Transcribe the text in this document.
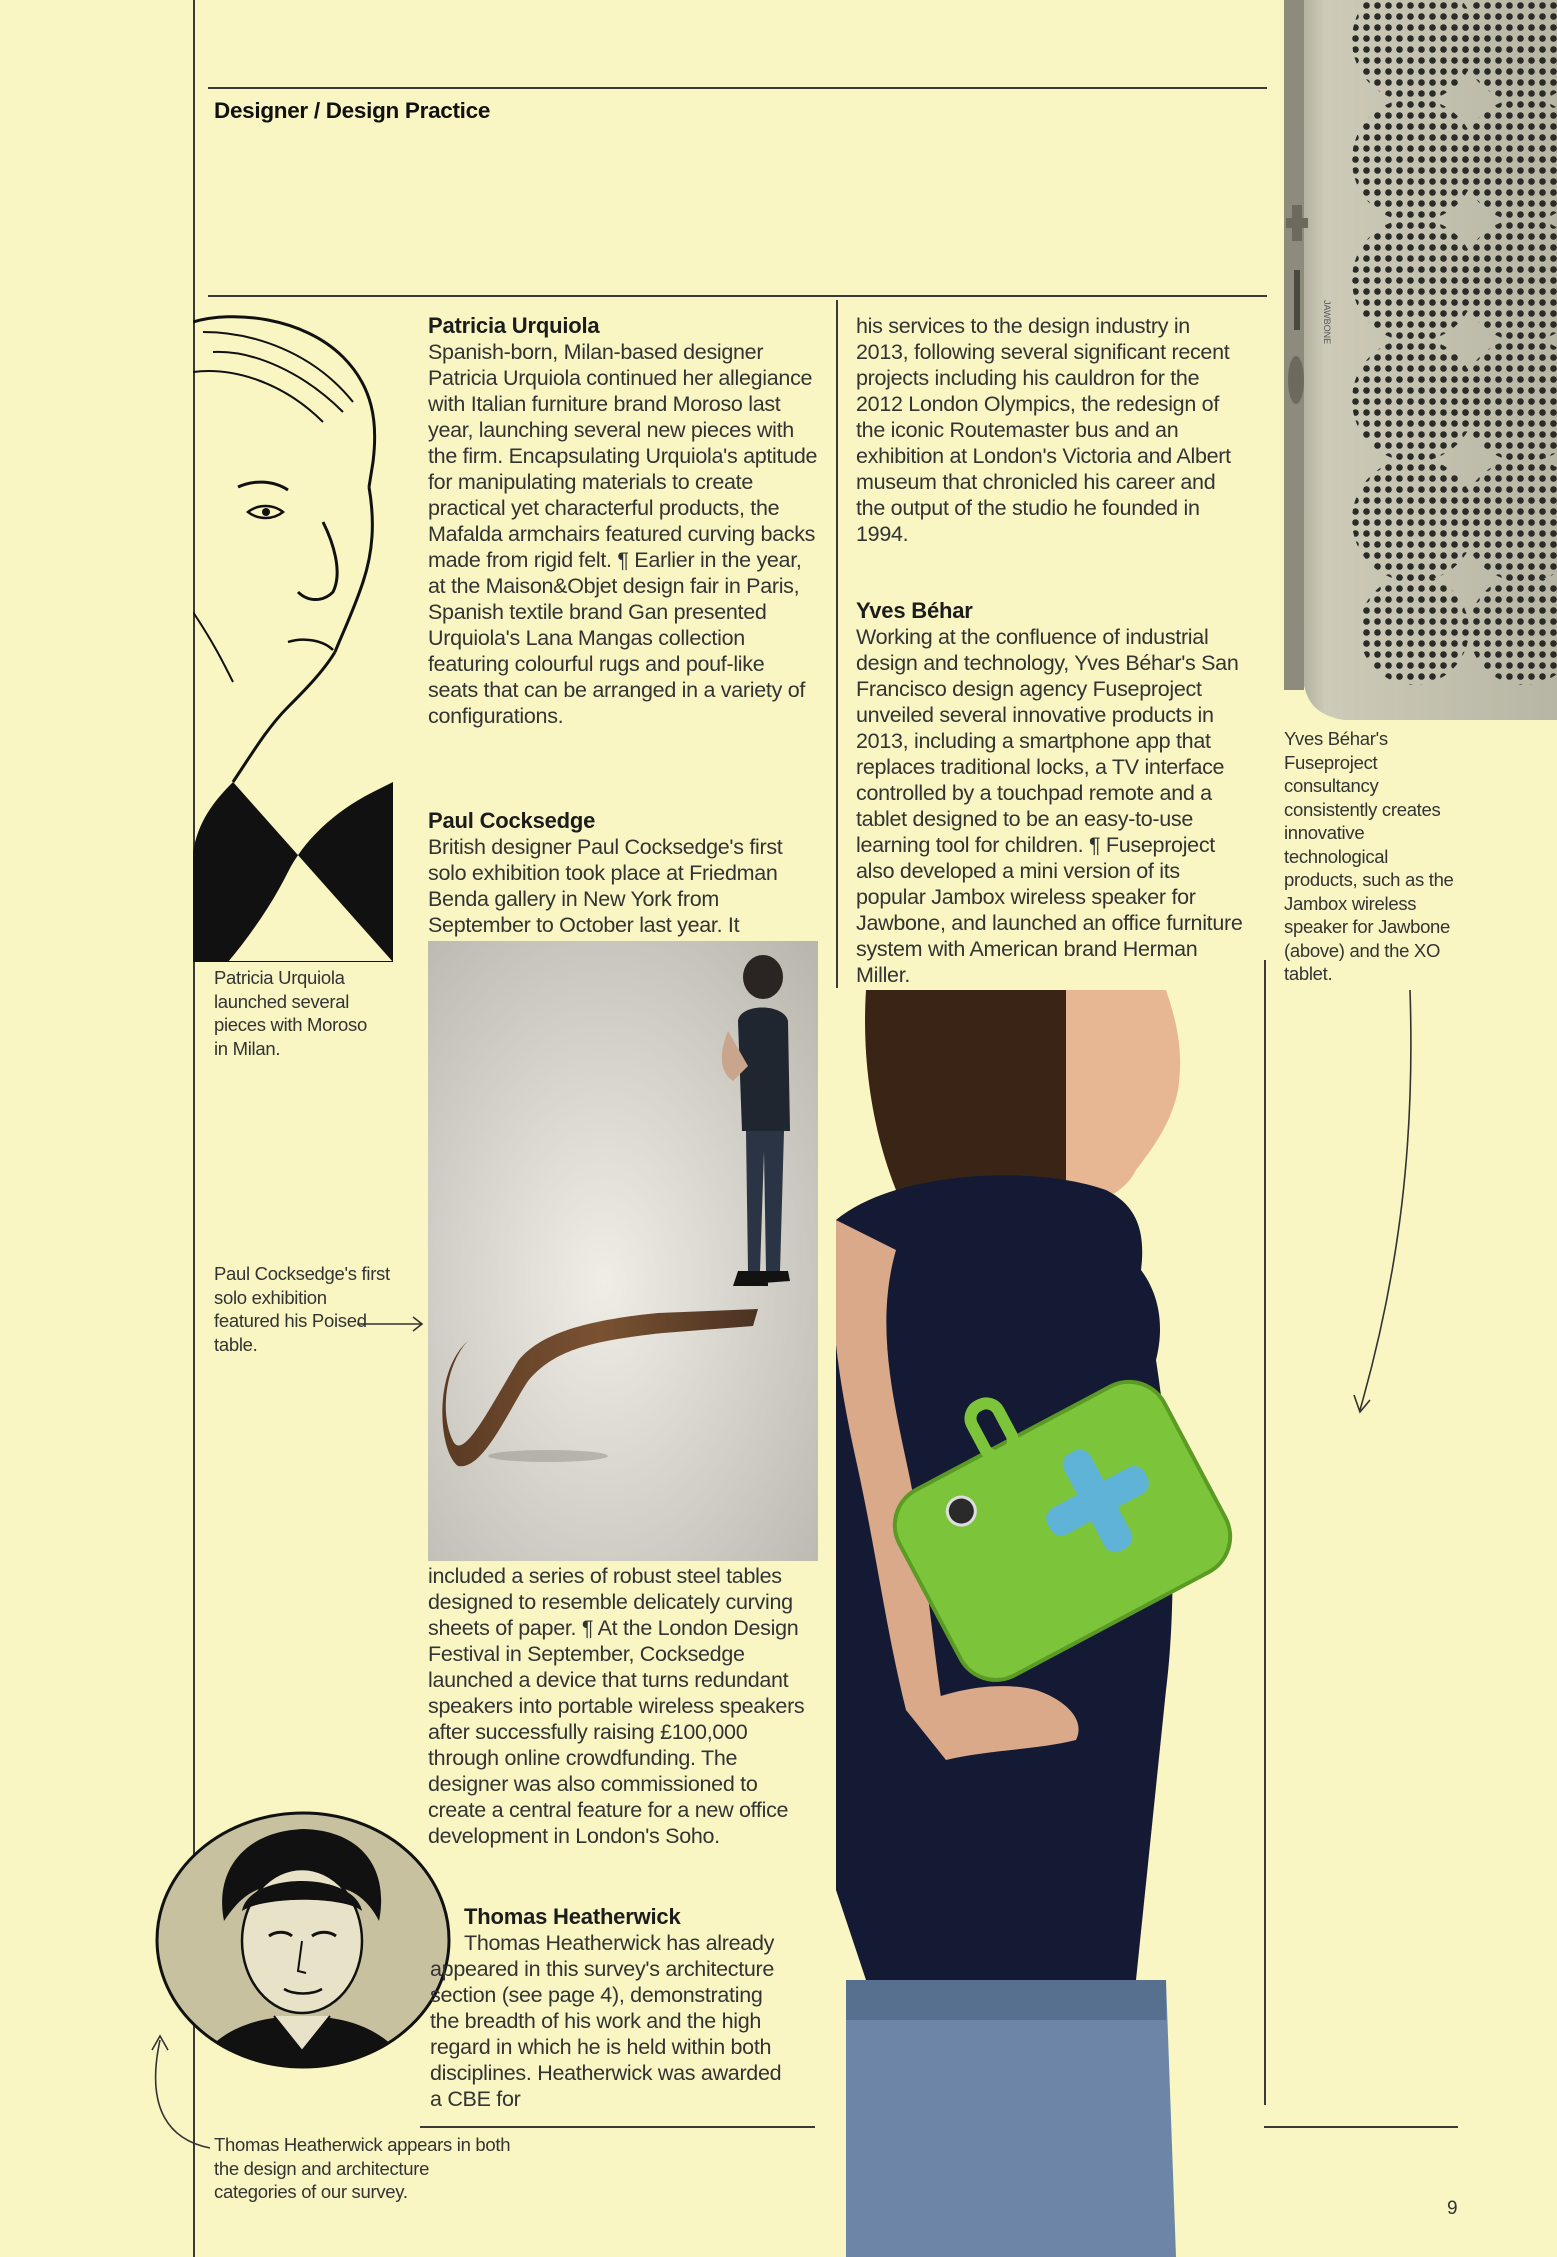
Designer / Design Practice
Patricia Urquiola

Spanish-born, Milan-based designer Patricia Urquiola continued her allegiance with Italian furniture brand Moroso last year, launching several new pieces with the firm. Encapsulating Urquiola's aptitude for manipulating materials to create practical yet characterful products, the Mafalda armchairs featured curving backs made from rigid felt. ¶ Earlier in the year, at the Maison&Objet design fair in Paris, Spanish textile brand Gan presented Urquiola's Lana Mangas collection featuring colourful rugs and pouf-like seats that can be arranged in a variety of configurations.

Paul Cocksedge

British designer Paul Cocksedge's first solo exhibition took place at Friedman Benda gallery in New York from September to October last year. It

included a series of robust steel tables designed to resemble delicately curving sheets of paper. ¶ At the London Design Festival in September, Cocksedge launched a device that turns redundant speakers into portable wireless speakers after successfully raising £100,000 through online crowdfunding. The designer was also commissioned to create a central feature for a new office development in London's Soho.

Thomas Heatherwick

Thomas Heatherwick has already appeared in this survey's architecture section (see page 4), demonstrating the breadth of his work and the high regard in which he is held within both disciplines. Heatherwick was awarded a CBE for

his services to the design industry in 2013, following several significant recent projects including his cauldron for the 2012 London Olympics, the redesign of the iconic Routemaster bus and an exhibition at London's Victoria and Albert museum that chronicled his career and the output of the studio he founded in 1994.

Yves Béhar

Working at the confluence of industrial design and technology, Yves Béhar's San Francisco design agency Fuseproject unveiled several innovative products in 2013, including a smartphone app that replaces traditional locks, a TV interface controlled by a touchpad remote and a tablet designed to be an easy-to-use learning tool for children. ¶ Fuseproject also developed a mini version of its popular Jambox wireless speaker for Jawbone, and launched an office furniture system with American brand Herman Miller.

JAWBONE

Yves Béhar's Fuseproject consultancy consistently creates innovative technological products, such as the Jambox wireless speaker for Jawbone (above) and the XO tablet.

Patricia Urquiola launched several pieces with Moroso in Milan.

Paul Cocksedge's first solo exhibition featured his Poised table.

Thomas Heatherwick appears in both the design and architecture categories of our survey.

9
